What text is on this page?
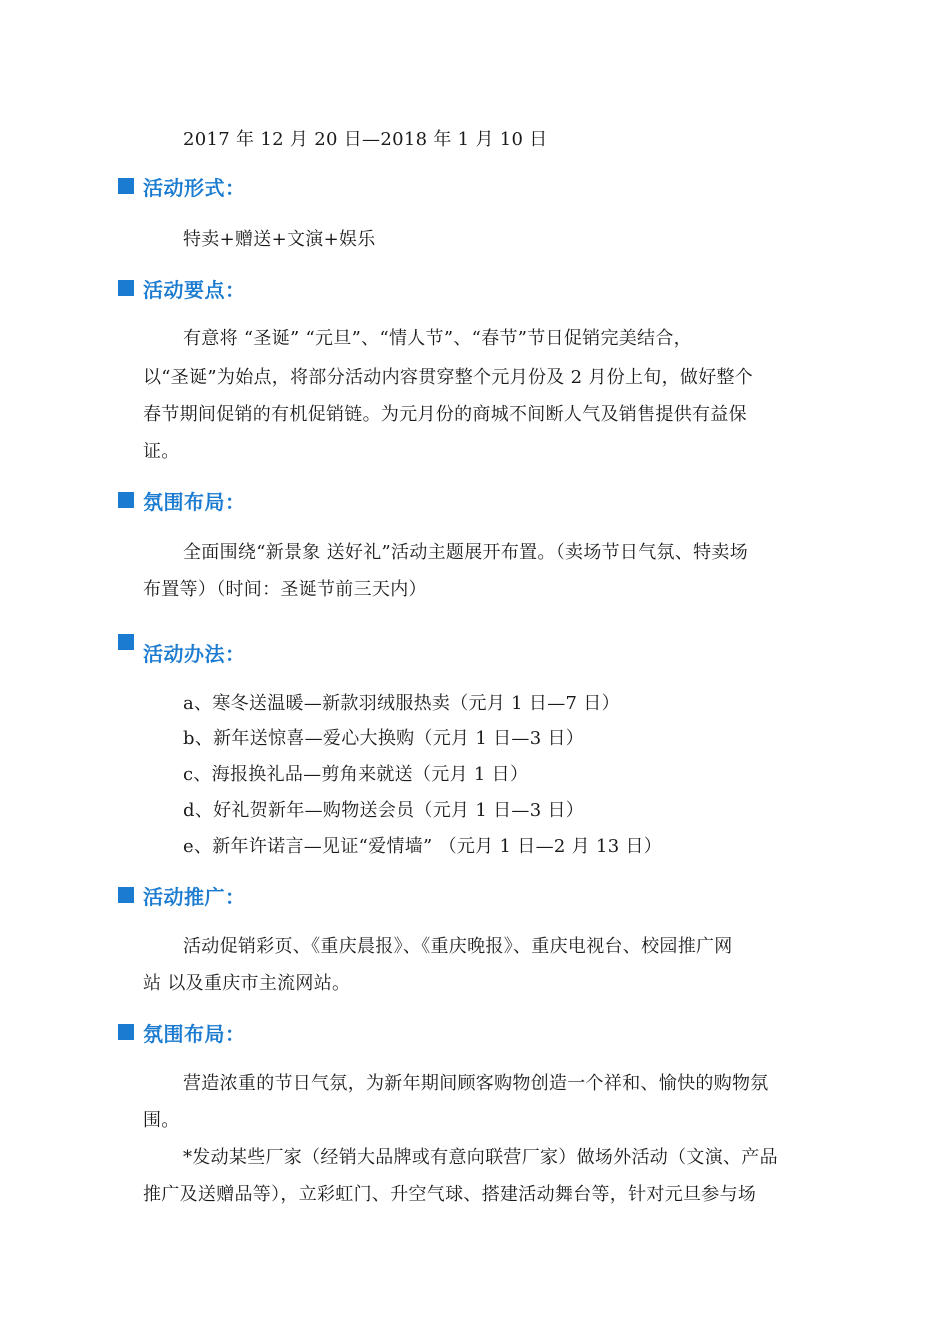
2017 年 12 月 20 日—2018 年 1 月 10 日
活动形式：
特卖+赠送+文演+娱乐
活动要点：
有意将 “圣诞” “元旦”、“情人节”、“春节”节日促销完美结合，
以“圣诞”为始点，将部分活动内容贯穿整个元月份及 2 月份上旬，做好整个
春节期间促销的有机促销链。为元月份的商城不间断人气及销售提供有益保
证。
氛围布局：
全面围绕“新景象 送好礼”活动主题展开布置。（卖场节日气氛、特卖场
布置等）（时间：圣诞节前三天内）
活动办法：
a、寒冬送温暖—新款羽绒服热卖（元月 1 日—7 日）
b、新年送惊喜—爱心大换购（元月 1 日—3 日）
c、海报换礼品—剪角来就送（元月 1 日）
d、好礼贺新年—购物送会员（元月 1 日—3 日）
e、新年许诺言—见证“爱情墙” （元月 1 日—2 月 13 日）
活动推广：
活动促销彩页、《重庆晨报》、《重庆晚报》、重庆电视台、校园推广网
站 以及重庆市主流网站。
氛围布局：
营造浓重的节日气氛，为新年期间顾客购物创造一个祥和、愉快的购物氛
围。
*发动某些厂家（经销大品牌或有意向联营厂家）做场外活动（文演、产品
推广及送赠品等），立彩虹门、升空气球、搭建活动舞台等，针对元旦参与场
